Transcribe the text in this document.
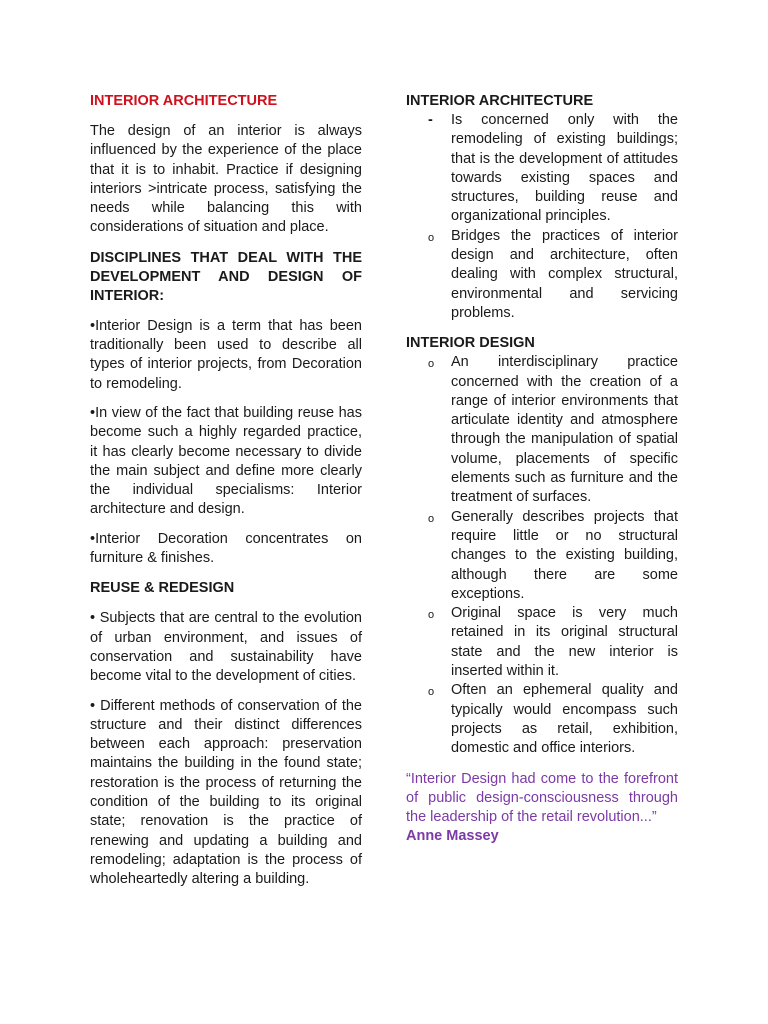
INTERIOR ARCHITECTURE

The design of an interior is always influenced by the experience of the place that it is to inhabit. Practice if designing interiors >intricate process, satisfying the needs while balancing this with considerations of situation and place.

DISCIPLINES THAT DEAL WITH THE DEVELOPMENT AND DESIGN OF INTERIOR:

•Interior Design is a term that has been traditionally been used to describe all types of interior projects, from Decoration to remodeling.

•In view of the fact that building reuse has become such a highly regarded practice, it has clearly become necessary to divide the main subject and define more clearly the individual specialisms: Interior architecture and design.

•Interior Decoration concentrates on furniture & finishes.

REUSE & REDESIGN

• Subjects that are central to the evolution of urban environment, and issues of conservation and sustainability have become vital to the development of cities.

• Different methods of conservation of the structure and their distinct differences between each approach: preservation maintains the building in the found state; restoration is the process of returning the condition of the building to its original state; renovation is the practice of renewing and updating a building and remodeling; adaptation is the process of wholeheartedly altering a building.

INTERIOR ARCHITECTURE
- Is concerned only with the remodeling of existing buildings; that is the development of attitudes towards existing spaces and structures, building reuse and organizational principles.
o Bridges the practices of interior design and architecture, often dealing with complex structural, environmental and servicing problems.
INTERIOR DESIGN
o An interdisciplinary practice concerned with the creation of a range of interior environments that articulate identity and atmosphere through the manipulation of spatial volume, placements of specific elements such as furniture and the treatment of surfaces.
o Generally describes projects that require little or no structural changes to the existing building, although there are some exceptions.
o Original space is very much retained in its original structural state and the new interior is inserted within it.
o Often an ephemeral quality and typically would encompass such projects as retail, exhibition, domestic and office interiors.

“Interior Design had come to the forefront of public design-consciousness through the leadership of the retail revolution...”

Anne Massey
